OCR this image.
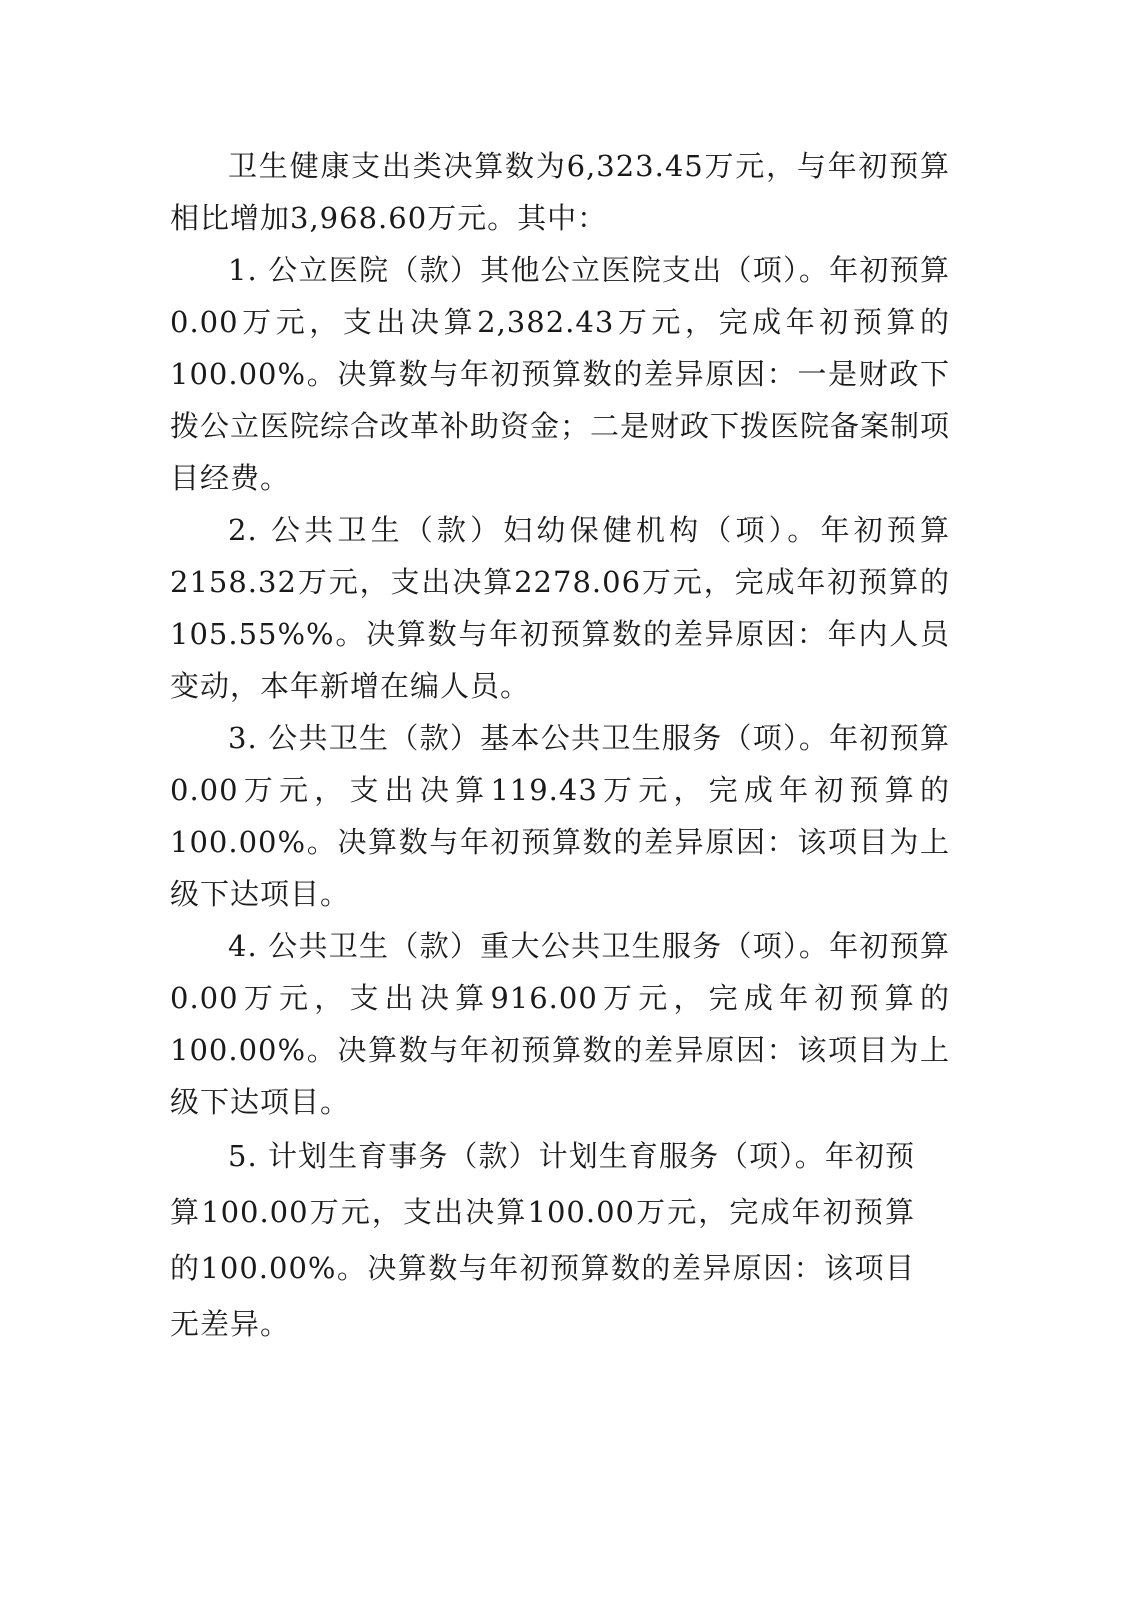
卫生健康支出类决算数为6,323.45万元，与年初预算相比增加3,968.60万元。其中：

1. 公立医院（款）其他公立医院支出（项）。年初预算0.00万元，支出决算2,382.43万元，完成年初预算的100.00%。决算数与年初预算数的差异原因：一是财政下拨公立医院综合改革补助资金；二是财政下拨医院备案制项目经费。

2. 公共卫生（款）妇幼保健机构（项）。年初预算2158.32万元，支出决算2278.06万元，完成年初预算的105.55%%。决算数与年初预算数的差异原因：年内人员变动，本年新增在编人员。

3. 公共卫生（款）基本公共卫生服务（项）。年初预算0.00万元，支出决算119.43万元，完成年初预算的100.00%。决算数与年初预算数的差异原因：该项目为上级下达项目。

4. 公共卫生（款）重大公共卫生服务（项）。年初预算0.00万元，支出决算916.00万元，完成年初预算的100.00%。决算数与年初预算数的差异原因：该项目为上级下达项目。

5. 计划生育事务（款）计划生育服务（项）。年初预算100.00万元，支出决算100.00万元，完成年初预算的100.00%。决算数与年初预算数的差异原因：该项目无差异。
